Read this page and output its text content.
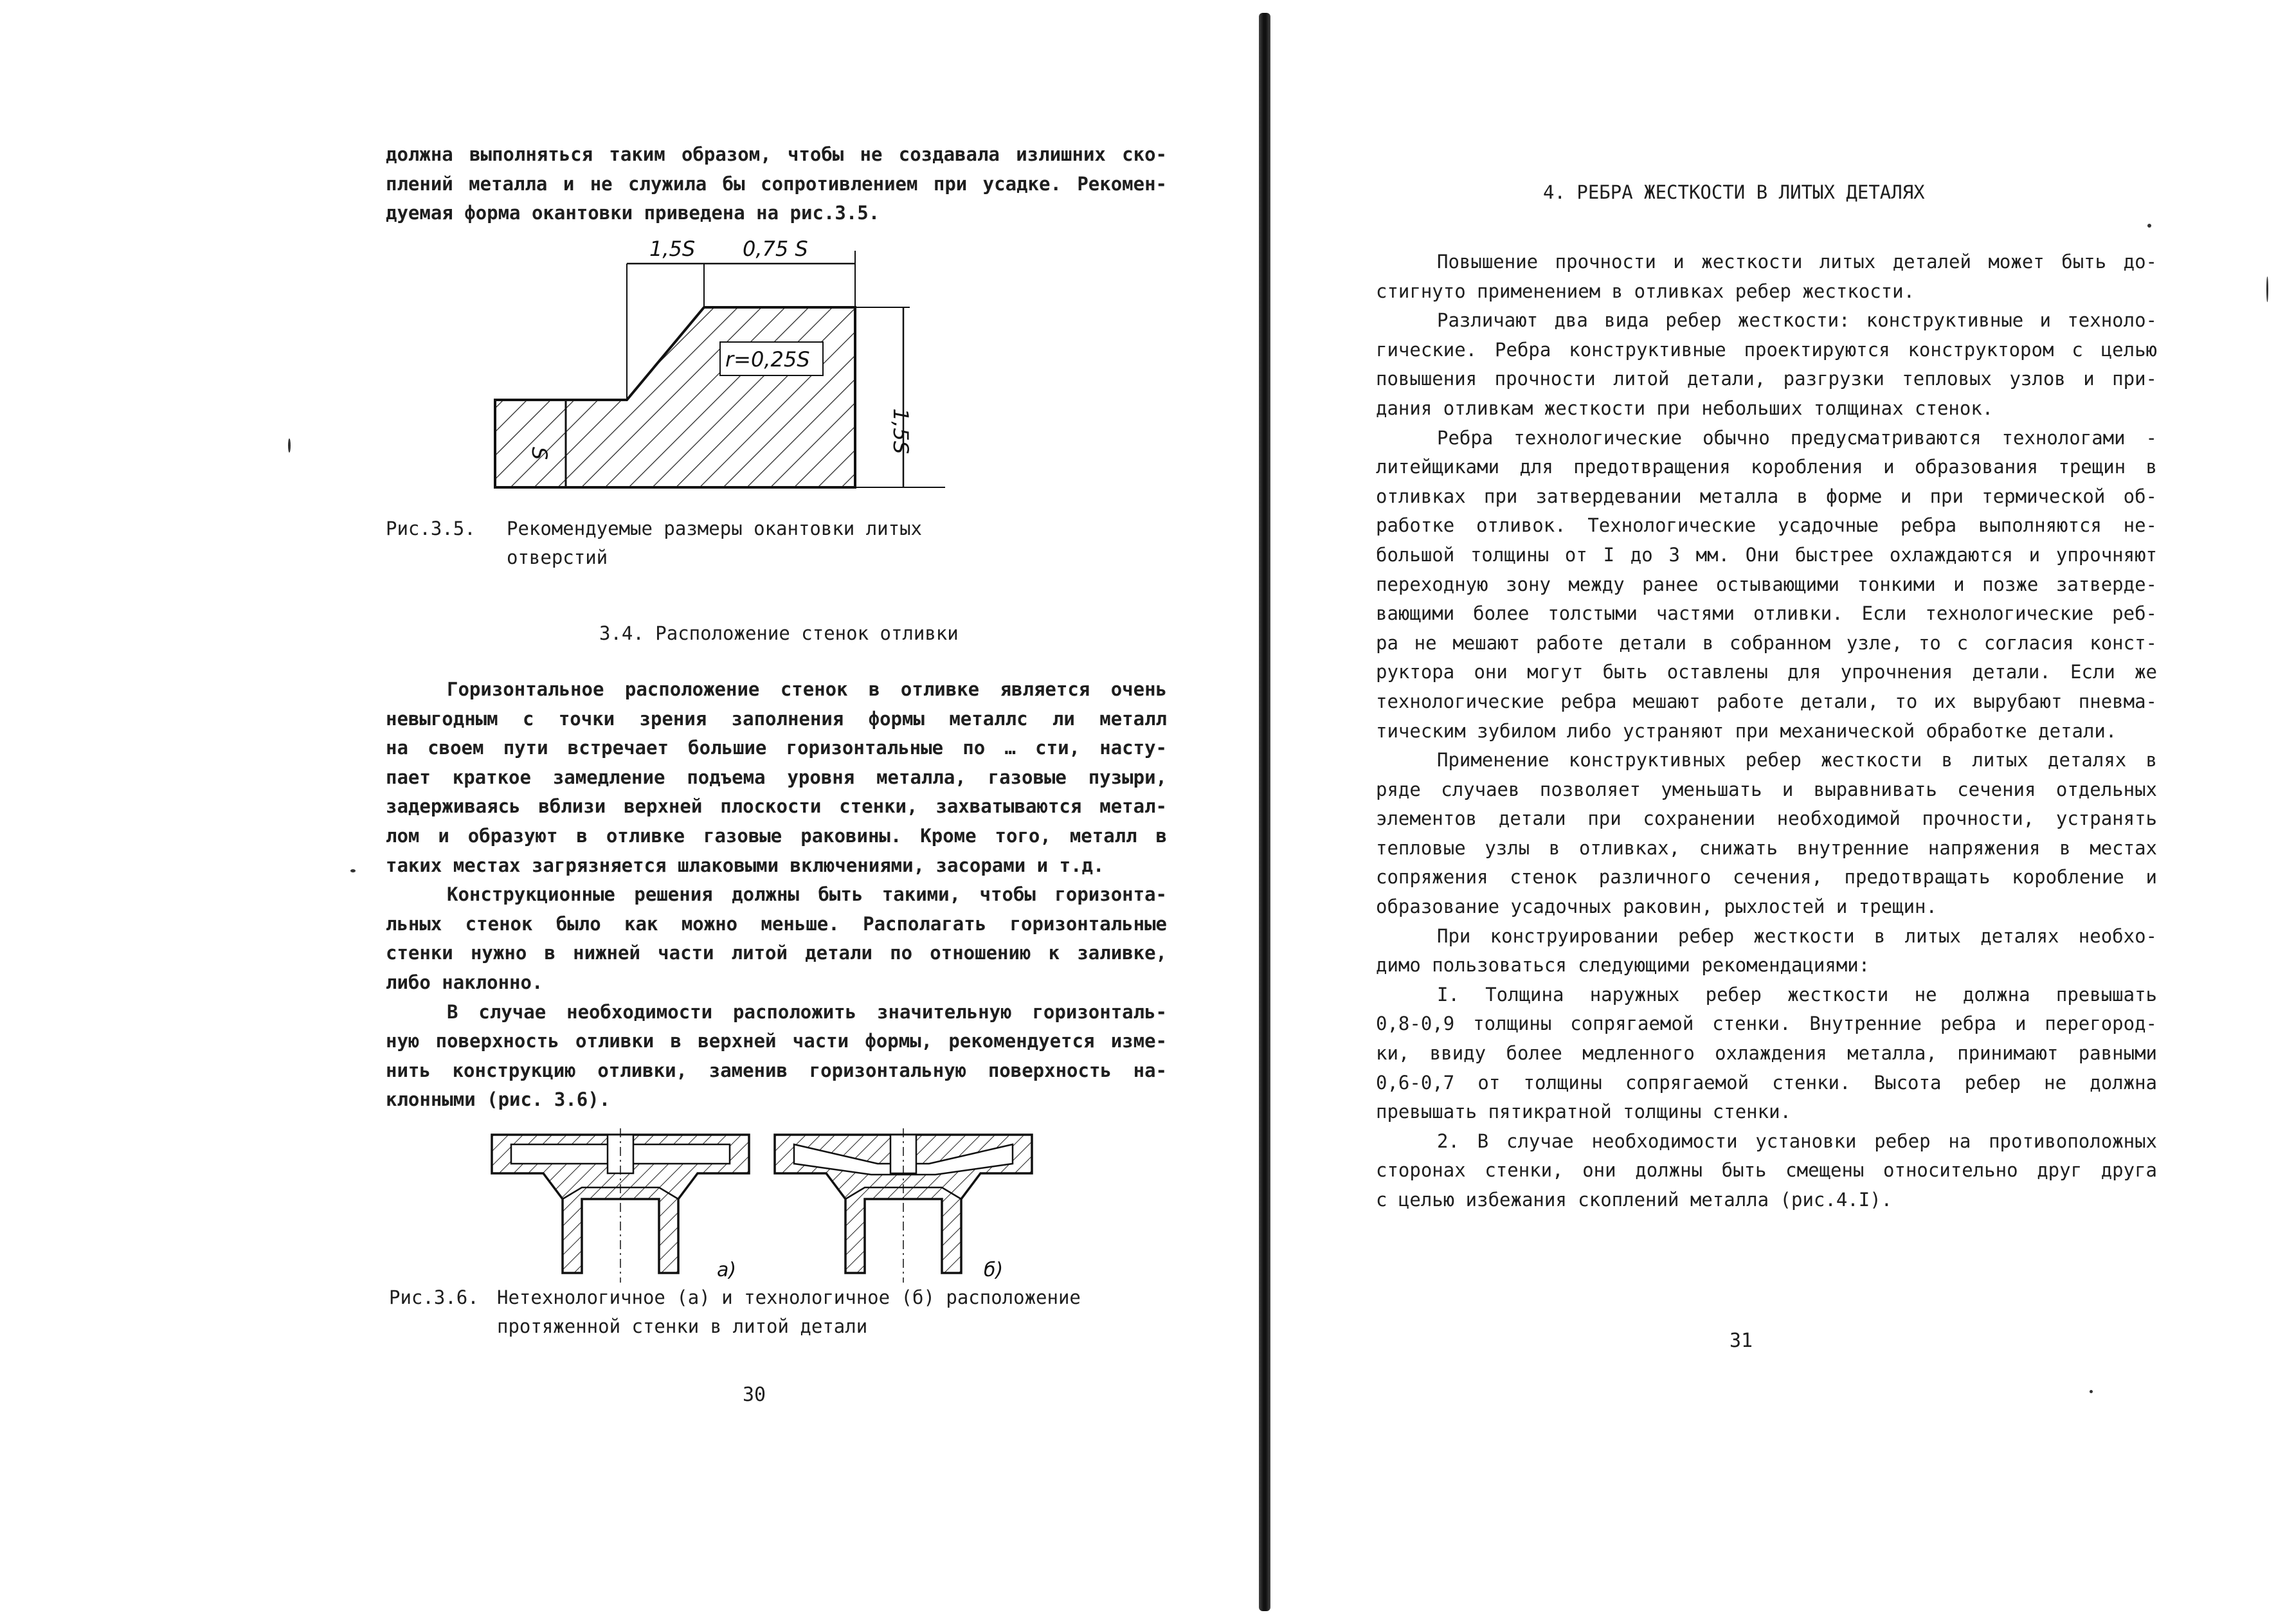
должна выполняться таким образом, чтобы не создавала излишних ско-
плений металла и не служила бы сопротивлением при усадке. Рекомен-
дуемая форма окантовки приведена на рис.3.5.
r=0,25S
1,5S 0,75 S
1,5S
S
Рис.3.5. Рекомендуемые размеры окантовки литых
отверстий
3.4. Расположение стенок отливки
Горизонтальное расположение стенок в отливке является очень
невыгодным с точки зрения заполнения формы металлс ли металл
на своем пути встречает большие горизонтальные по … сти, насту-
пает краткое замедление подъема уровня металла, газовые пузыри,
задерживаясь вблизи верхней плоскости стенки, захватываются метал-
лом и образуют в отливке газовые раковины. Кроме того, металл в
таких местах загрязняется шлаковыми включениями, засорами и т.д.
Конструкционные решения должны быть такими, чтобы горизонта-
льных стенок было как можно меньше. Располагать горизонтальные
стенки нужно в нижней части литой детали по отношению к заливке,
либо наклонно.
В случае необходимости расположить значительную горизонталь-
ную поверхность отливки в верхней части формы, рекомендуется изме-
нить конструкцию отливки, заменив горизонтальную поверхность на-
клонными (рис. 3.6).
а)	б)
Рис.3.6. Нетехнологичное (а) и технологичное (б) расположение
протяженной стенки в литой детали
30
4. РЕБРА ЖЕСТКОСТИ В ЛИТЫХ ДЕТАЛЯХ
Повышение прочности и жесткости литых деталей может быть до-
стигнуто применением в отливках ребер жесткости.
Различают два вида ребер жесткости: конструктивные и техноло-
гические. Ребра конструктивные проектируются конструктором с целью
повышения прочности литой детали, разгрузки тепловых узлов и при-
дания отливкам жесткости при небольших толщинах стенок.
Ребра технологические обычно предусматриваются технологами -
литейщиками для предотвращения коробления и образования трещин в
отливках при затвердевании металла в форме и при термической об-
работке отливок. Технологические усадочные ребра выполняются не-
большой толщины от I до 3 мм. Они быстрее охлаждаются и упрочняют
переходную зону между ранее остывающими тонкими и позже затверде-
вающими более толстыми частями отливки. Если технологические реб-
ра не мешают работе детали в собранном узле, то с согласия конст-
руктора они могут быть оставлены для упрочнения детали. Если же
технологические ребра мешают работе детали, то их вырубают пневма-
тическим зубилом либо устраняют при механической обработке детали.
Применение конструктивных ребер жесткости в литых деталях в
ряде случаев позволяет уменьшать и выравнивать сечения отдельных
элементов детали при сохранении необходимой прочности, устранять
тепловые узлы в отливках, снижать внутренние напряжения в местах
сопряжения стенок различного сечения, предотвращать коробление и
образование усадочных раковин, рыхлостей и трещин.
При конструировании ребер жесткости в литых деталях необхо-
димо пользоваться следующими рекомендациями:
I. Толщина наружных ребер жесткости не должна превышать
0,8-0,9 толщины сопрягаемой стенки. Внутренние ребра и перегород-
ки, ввиду более медленного охлаждения металла, принимают равными
0,6-0,7 от толщины сопрягаемой стенки. Высота ребер не должна
превышать пятикратной толщины стенки.
2. В случае необходимости установки ребер на противоположных
сторонах стенки, они должны быть смещены относительно друг друга
с целью избежания скоплений металла (рис.4.I).
31
